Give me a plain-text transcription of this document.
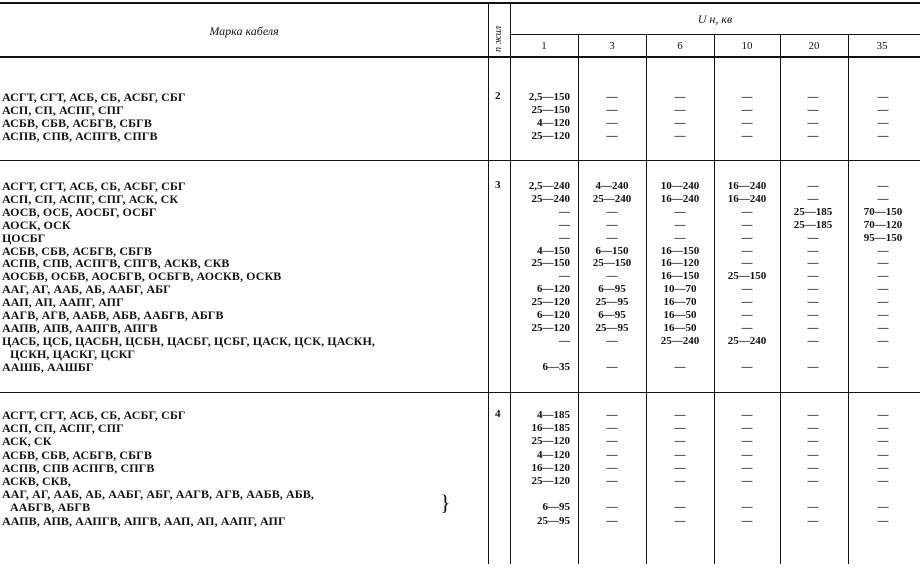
Марка кабеля	n жил
U н, кв
1	3	6	10	20	35
2
АСГТ, СГТ, АСБ, СБ, АСБГ, СБГ	2,5—150	—	—	—	—	—
АСП, СП, АСПГ, СПГ	25—150	—	—	—	—	—
АСБВ, СБВ, АСБГВ, СБГВ	4—120	—	—	—	—	—
АСПВ, СПВ, АСПГВ, СПГВ	25—120	—	—	—	—	—
3
АСГТ, СГТ, АСБ, СБ, АСБГ, СБГ	2,5—240	4—240	10—240	16—240	—	—
АСП, СП, АСПГ, СПГ, АСК, СК	25—240	25—240	16—240	16—240	—	—
АОСВ, ОСБ, АОСБГ, ОСБГ	—	—	—	—	25—185	70—150
АОСК, ОСК	—	—	—	—	25—185	70—120
ЦОСБГ	—	—	—	—	—	95—150
АСБВ, СБВ, АСБГВ, СБГВ	4—150	6—150	16—150	—	—	—
АСПВ, СПВ, АСПГВ, СПГВ, АСКВ, СКВ	25—150	25—150	16—120	—	—	—
АОСБВ, ОСБВ, АОСБГВ, ОСБГВ, АОСКВ, ОСКВ	—	—	16—150	25—150	—	—
ААГ, АГ, ААБ, АБ, ААБГ, АБГ	6—120	6—95	10—70	—	—	—
ААП, АП, ААПГ, АПГ	25—120	25—95	16—70	—	—	—
ААГВ, АГВ, ААБВ, АБВ, ААБГВ, АБГВ	6—120	6—95	16—50	—	—	—
ААПВ, АПВ, ААПГВ, АПГВ	25—120	25—95	16—50	—	—	—
ЦАСБ, ЦСБ, ЦАСБН, ЦСБН, ЦАСБГ, ЦСБГ, ЦАСК, ЦСК, ЦАСКН,	—	—	25—240	25—240	—	—
ЦСКН, ЦАСКГ, ЦСКГ
ААШБ, ААШБГ	6—35	—	—	—	—	—
4
АСГТ, СГТ, АСБ, СБ, АСБГ, СБГ	4—185	—	—	—	—	—
АСП, СП, АСПГ, СПГ	16—185	—	—	—	—	—
АСК, СК	25—120	—	—	—	—	—
АСБВ, СБВ, АСБГВ, СБГВ	4—120	—	—	—	—	—
АСПВ, СПВ АСПГВ, СПГВ	16—120	—	—	—	—	—
АСКВ, СКВ,	25—120	—	—	—	—	—
ААГ, АГ, ААБ, АБ, ААБГ, АБГ, ААГВ, АГВ, ААБВ, АБВ,
ААБГВ, АБГВ	6—95	—	—	—	—	—
ААПВ, АПВ, ААПГВ, АПГВ, ААП, АП, ААПГ, АПГ	25—95	—	—	—	—	—
}
